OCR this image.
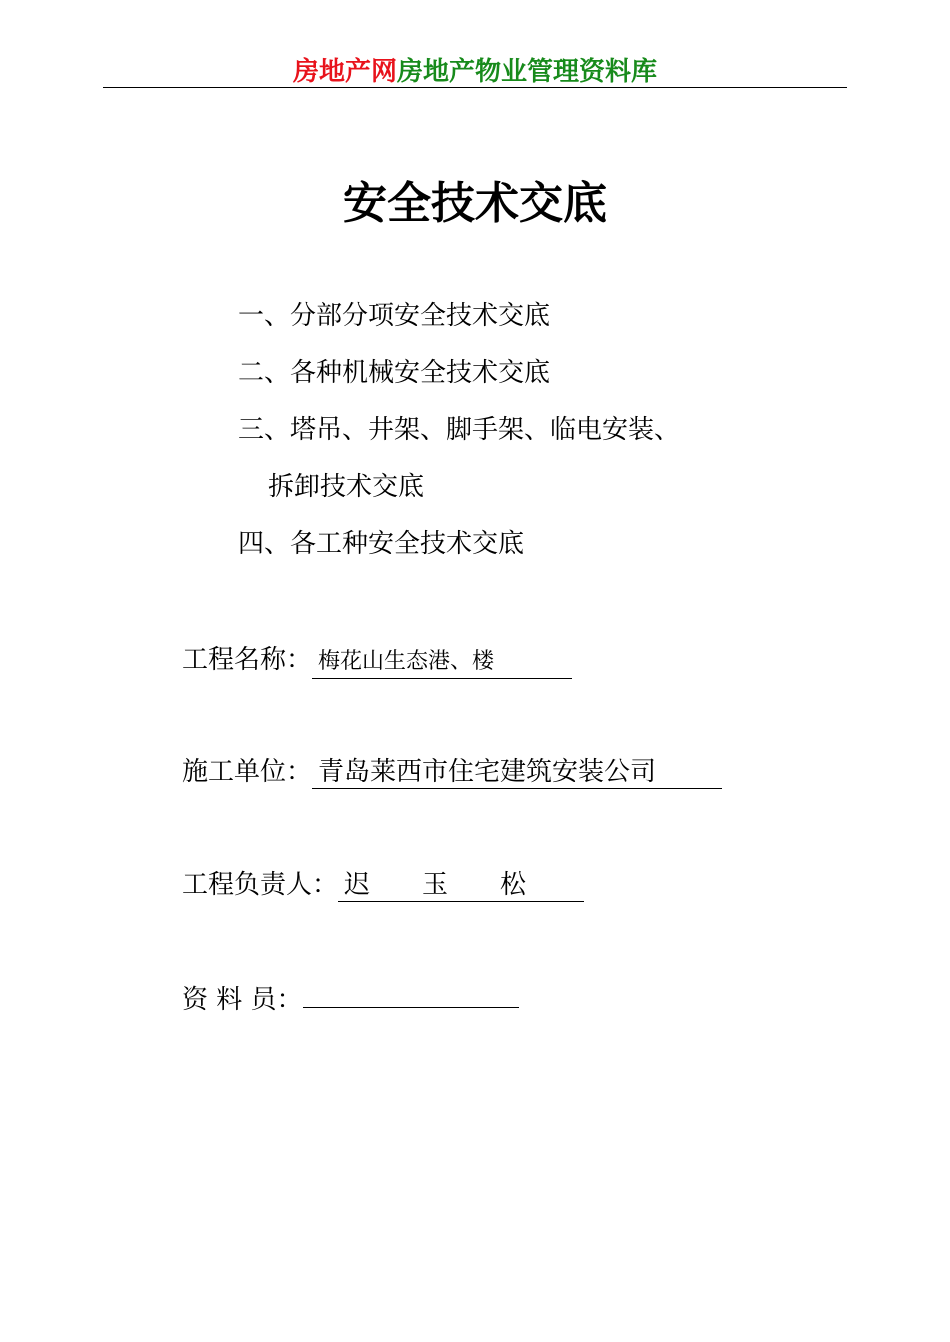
房地产网房地产物业管理资料库
安全技术交底
一、分部分项安全技术交底
二、各种机械安全技术交底
三、塔吊、井架、脚手架、临电安装、
拆卸技术交底
四、各工种安全技术交底
工程名称： 梅花山生态港、楼
施工单位： 青岛莱西市住宅建筑安装公司
工程负责人： 迟　　玉　　松
资 料 员：
